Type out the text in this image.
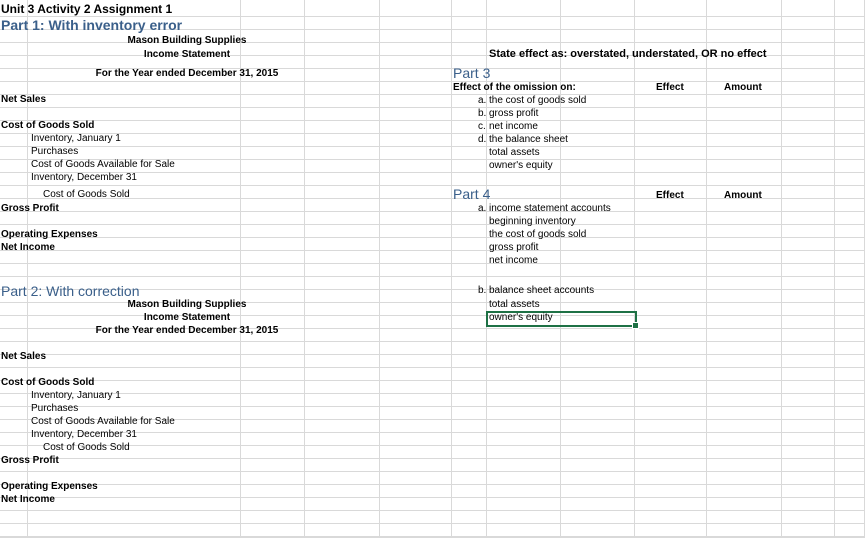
Unit 3 Activity 2 Assignment 1
Part 1: With inventory error
Mason Building Supplies
Income Statement
For the Year ended December 31, 2015
Net Sales
Cost of Goods Sold
Inventory, January 1
Purchases
Cost of Goods Available for Sale
Inventory, December 31
Cost of Goods Sold
Gross Profit
Operating Expenses
Net Income
Part 2: With correction
Mason Building Supplies
Income Statement
For the Year ended December 31, 2015
Net Sales
Cost of Goods Sold
Inventory, January 1
Purchases
Cost of Goods Available for Sale
Inventory, December 31
Cost of Goods Sold
Gross Profit
Operating Expenses
Net Income
State effect as: overstated, understated, OR no effect
Part 3
Effect of the omission on:	Effect	Amount
a. the cost of goods sold
b. gross profit
c. net income
d. the balance sheet
total assets
owner's equity
Part 4	Effect	Amount
a. income statement accounts
beginning inventory
the cost of goods sold
gross profit
net income
b. balance sheet accounts
total assets
owner's equity
